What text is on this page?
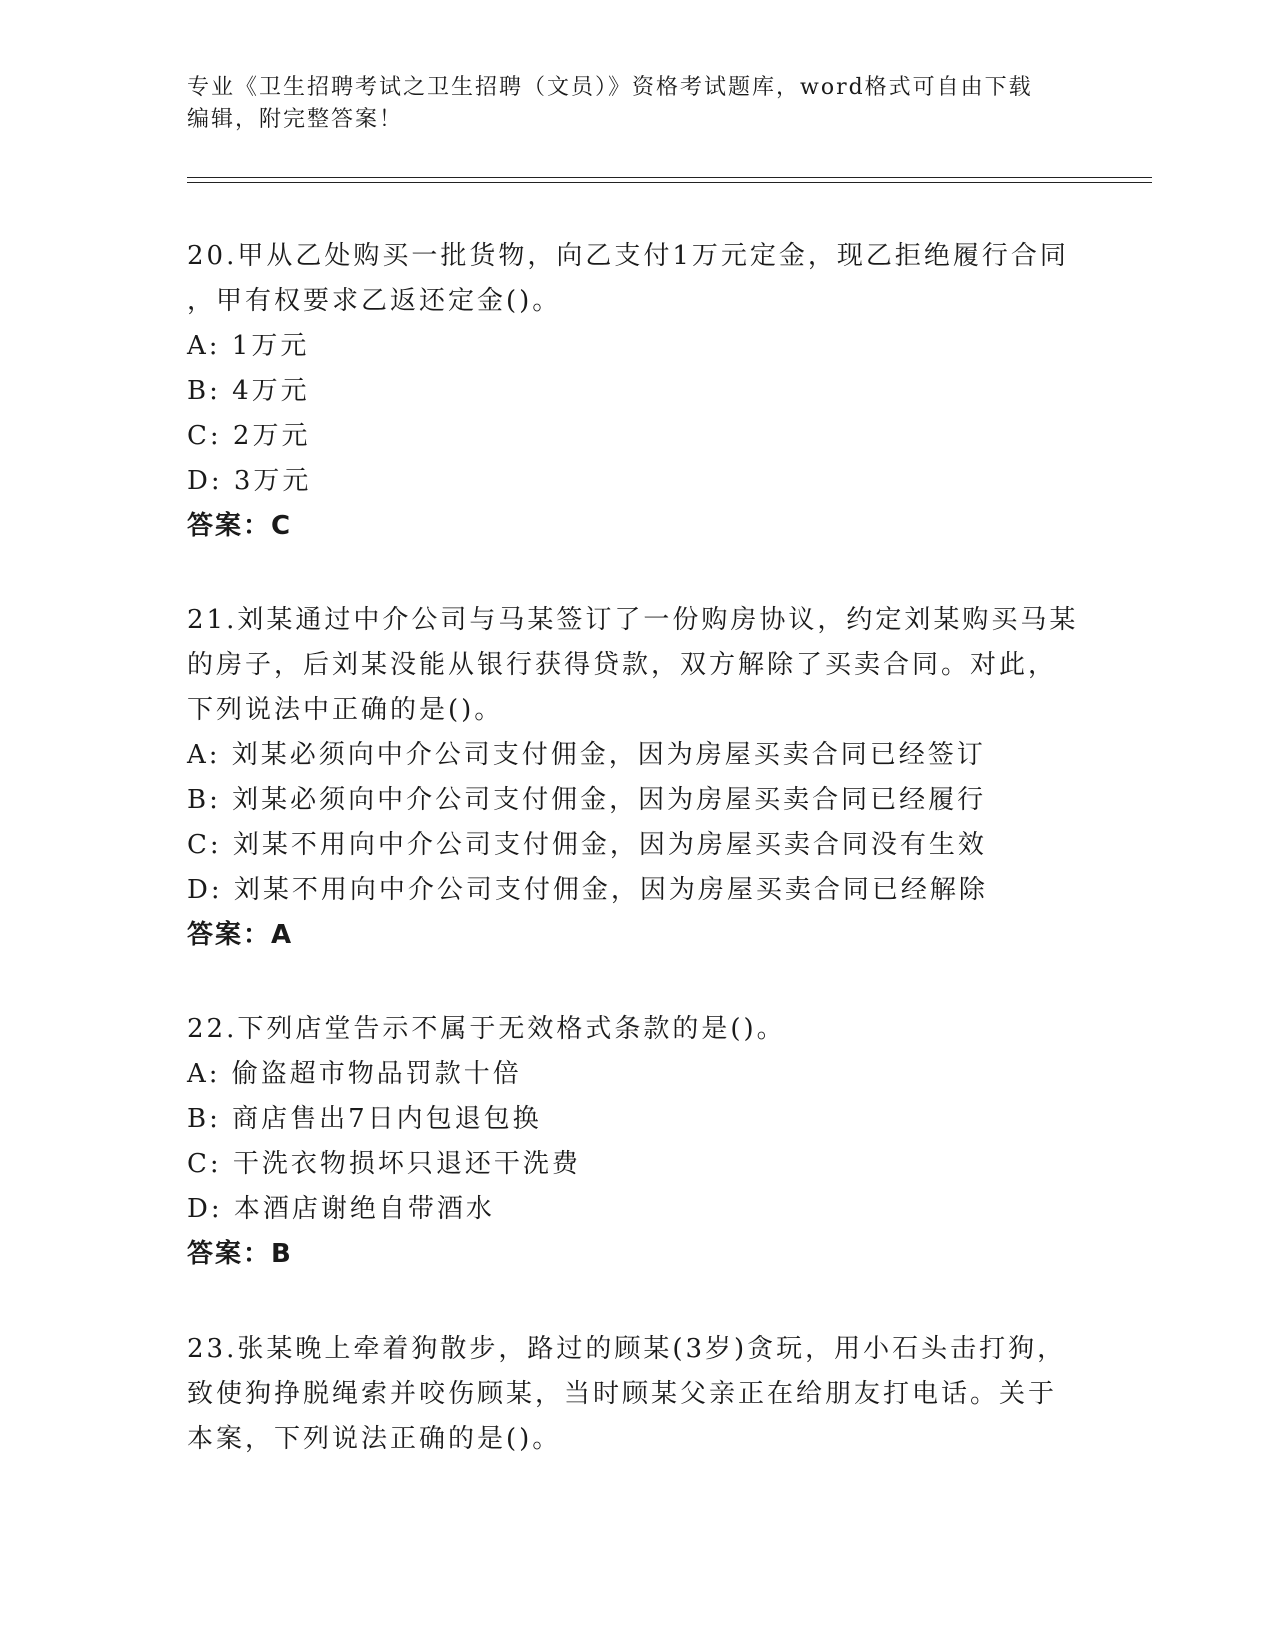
专业《卫生招聘考试之卫生招聘（文员）》资格考试题库，word格式可自由下载
编辑，附完整答案！
20.甲从乙处购买一批货物，向乙支付1万元定金，现乙拒绝履行合同
，甲有权要求乙返还定金()。
A: 1万元
B: 4万元
C: 2万元
D: 3万元
答案：C
21.刘某通过中介公司与马某签订了一份购房协议，约定刘某购买马某
的房子，后刘某没能从银行获得贷款，双方解除了买卖合同。对此，
下列说法中正确的是()。
A: 刘某必须向中介公司支付佣金，因为房屋买卖合同已经签订
B: 刘某必须向中介公司支付佣金，因为房屋买卖合同已经履行
C: 刘某不用向中介公司支付佣金，因为房屋买卖合同没有生效
D: 刘某不用向中介公司支付佣金，因为房屋买卖合同已经解除
答案：A
22.下列店堂告示不属于无效格式条款的是()。
A: 偷盗超市物品罚款十倍
B: 商店售出7日内包退包换
C: 干洗衣物损坏只退还干洗费
D: 本酒店谢绝自带酒水
答案：B
23.张某晚上牵着狗散步，路过的顾某(3岁)贪玩，用小石头击打狗，
致使狗挣脱绳索并咬伤顾某，当时顾某父亲正在给朋友打电话。关于
本案，下列说法正确的是()。
